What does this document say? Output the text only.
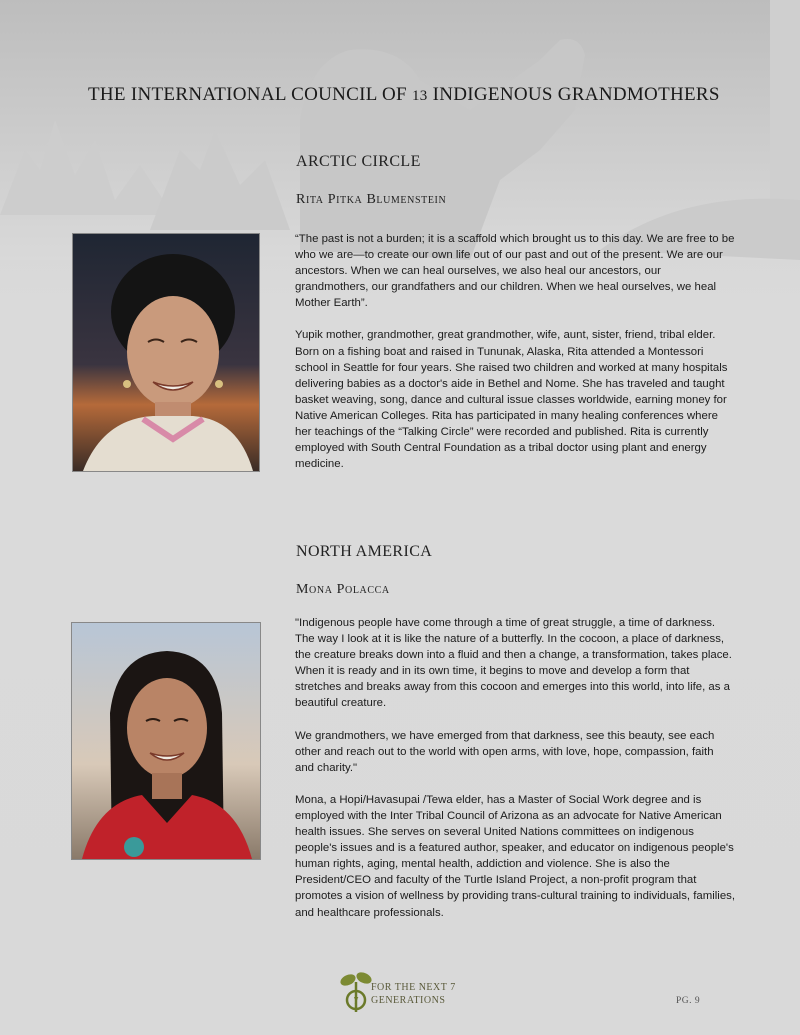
THE INTERNATIONAL COUNCIL OF 13 INDIGENOUS GRANDMOTHERS
ARCTIC CIRCLE
Rita Pitka Blumenstein

“The past is not a burden; it is a scaffold which brought us to this day. We are free to be who we are—to create our own life out of our past and out of the present. We are our ancestors. When we can heal ourselves, we also heal our ancestors, our grandmothers, our grandfathers and our children. When we heal ourselves, we heal Mother Earth”.

Yupik mother, grandmother, great grandmother, wife, aunt, sister, friend, tribal elder. Born on a fishing boat and raised in Tununak, Alaska, Rita attended a Montessori school in Seattle for four years. She raised two children and worked at many hospitals delivering babies as a doctor's aide in Bethel and Nome. She has traveled and taught basket weaving, song, dance and cultural issue classes worldwide, earning money for Native American Colleges. Rita has participated in many healing conferences where her teachings of the “Talking Circle” were recorded and published. Rita is currently employed with South Central Foundation as a tribal doctor using plant and energy medicine.

NORTH AMERICA
Mona Polacca

"Indigenous people have come through a time of great struggle, a time of darkness. The way I look at it is like the nature of a butterfly. In the cocoon, a place of darkness, the creature breaks down into a fluid and then a change, a transformation, takes place. When it is ready and in its own time, it begins to move and develop a form that stretches and breaks away from this cocoon and emerges into this world, into life, as a beautiful creature.

We grandmothers, we have emerged from that darkness, see this beauty, see each other and reach out to the world with open arms, with love, hope, compassion, faith and charity."

Mona, a Hopi/Havasupai /Tewa elder, has a Master of Social Work degree and is employed with the Inter Tribal Council of Arizona as an advocate for Native American health issues. She serves on several United Nations committees on indigenous people's issues and is a featured author, speaker, and educator on indigenous people's human rights, aging, mental health, addiction and violence. She is also the President/CEO and faculty of the Turtle Island Project, a non-profit program that promotes a vision of wellness by providing trans-cultural training to individuals, families, and healthcare professionals.

7
FOR THE NEXT 7
GENERATIONS	PG. 9
